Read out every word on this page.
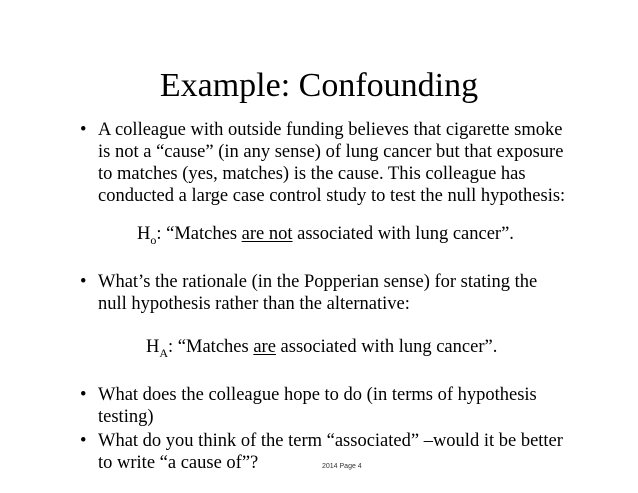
Example: Confounding
• A colleague with outside funding believes that cigarette smoke is not a “cause” (in any sense) of lung cancer but that exposure to matches (yes, matches) is the cause. This colleague has conducted a large case control study to test the null hypothesis:
$H_o$: “Matches are not associated with lung cancer”.
• What’s the rationale (in the Popperian sense) for stating the null hypothesis rather than the alternative:
$H_A$: “Matches are associated with lung cancer”.
• What does the colleague hope to do (in terms of hypothesis testing)
• What do you think of the term “associated” –would it be better to write “a cause of”?	2014 Page 4
